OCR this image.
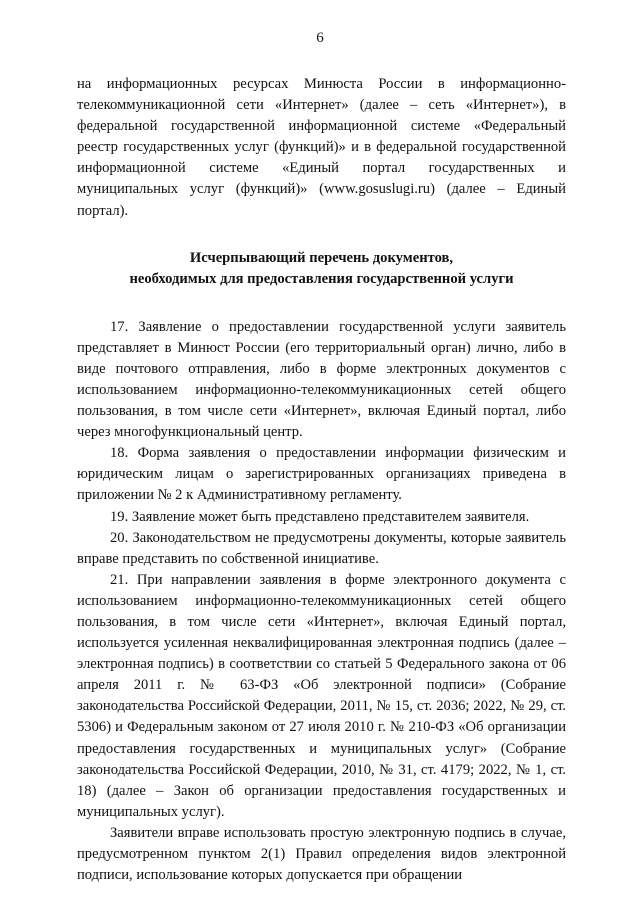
6

на информационных ресурсах Минюста России в информационно-телекоммуникационной сети «Интернет» (далее – сеть «Интернет»), в федеральной государственной информационной системе «Федеральный реестр государственных услуг (функций)» и в федеральной государственной информационной системе «Единый портал государственных и муниципальных услуг (функций)» (www.gosuslugi.ru) (далее – Единый портал).

Исчерпывающий перечень документов,
необходимых для предоставления государственной услуги

17. Заявление о предоставлении государственной услуги заявитель представляет в Минюст России (его территориальный орган) лично, либо в виде почтового отправления, либо в форме электронных документов с использованием информационно-телекоммуникационных сетей общего пользования, в том числе сети «Интернет», включая Единый портал, либо через многофункциональный центр.

18. Форма заявления о предоставлении информации физическим и юридическим лицам о зарегистрированных организациях приведена в приложении № 2 к Административному регламенту.

19. Заявление может быть представлено представителем заявителя.

20. Законодательством не предусмотрены документы, которые заявитель вправе представить по собственной инициативе.

21. При направлении заявления в форме электронного документа с использованием информационно-телекоммуникационных сетей общего пользования, в том числе сети «Интернет», включая Единый портал, используется усиленная неквалифицированная электронная подпись (далее – электронная подпись) в соответствии со статьей 5 Федерального закона от 06 апреля 2011 г. № 63-ФЗ «Об электронной подписи» (Собрание законодательства Российской Федерации, 2011, № 15, ст. 2036; 2022, № 29, ст. 5306) и Федеральным законом от 27 июля 2010 г. № 210-ФЗ «Об организации предоставления государственных и муниципальных услуг» (Собрание законодательства Российской Федерации, 2010, № 31, ст. 4179; 2022, № 1, ст. 18) (далее – Закон об организации предоставления государственных и муниципальных услуг).

Заявители вправе использовать простую электронную подпись в случае, предусмотренном пунктом 2(1) Правил определения видов электронной подписи, использование которых допускается при обращении
